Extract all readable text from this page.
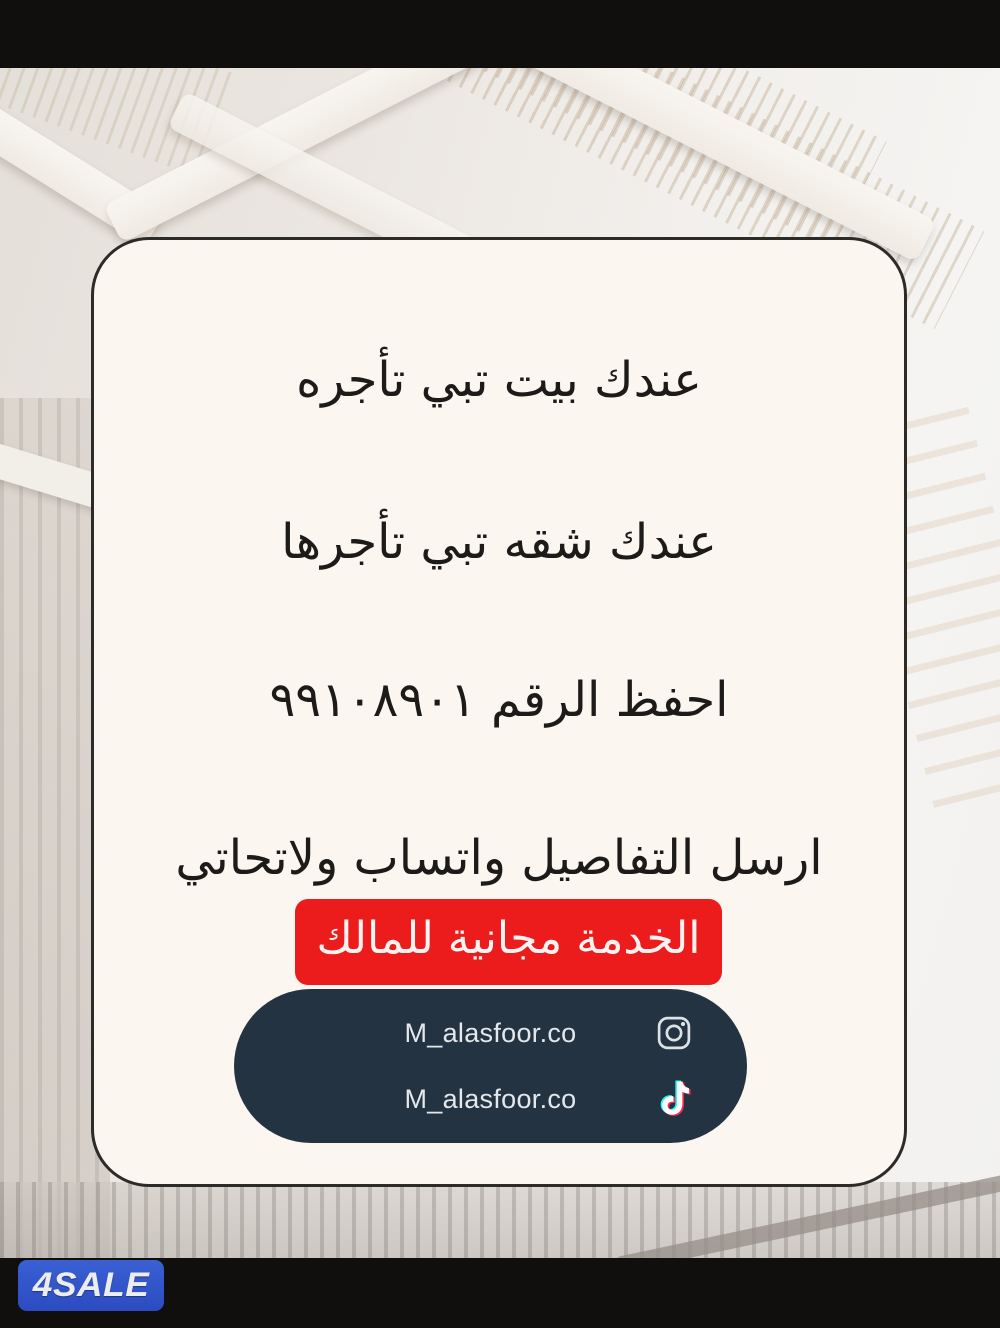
4SALE
عندك بيت تبي تأجره
عندك شقه تبي تأجرها
احفظ الرقم ٩٩١٠٨٩٠١
ارسل التفاصيل واتساب ولاتحاتي
الخدمة مجانية للمالك
M_alasfoor.co
M_alasfoor.co
